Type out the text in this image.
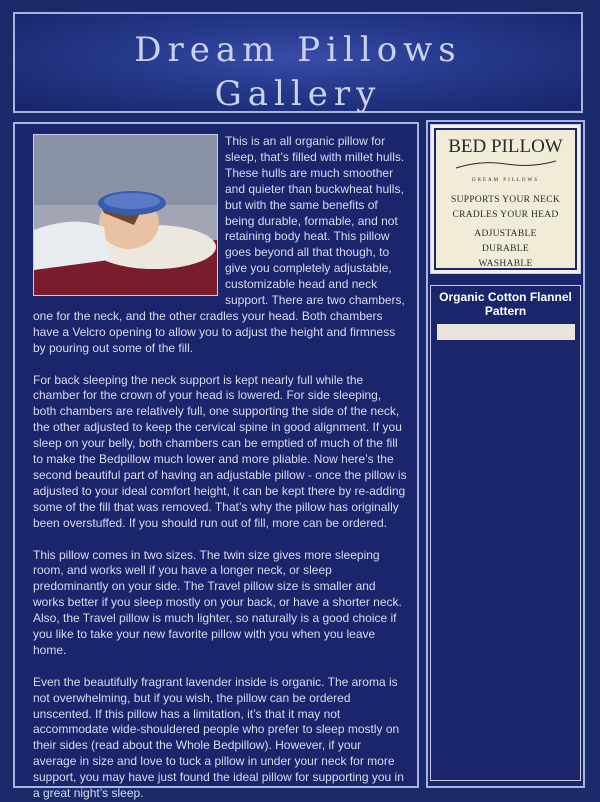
Dream Pillows
Gallery

This is an all organic pillow for sleep, that’s filled with millet hulls. These hulls are much smoother and quieter than buckwheat hulls, but with the same benefits of being durable, formable, and not retaining body heat. This pillow goes beyond all that though, to give you completely adjustable, customizable head and neck support. There are two chambers, one for the neck, and the other cradles your head. Both chambers have a Velcro opening to allow you to adjust the height and firmness by pouring out some of the fill.

For back sleeping the neck support is kept nearly full while the chamber for the crown of your head is lowered. For side sleeping, both chambers are relatively full, one supporting the side of the neck, the other adjusted to keep the cervical spine in good alignment. If you sleep on your belly, both chambers can be emptied of much of the fill to make the Bedpillow much lower and more pliable. Now here’s the second beautiful part of having an adjustable pillow - once the pillow is adjusted to your ideal comfort height, it can be kept there by re-adding some of the fill that was removed. That’s why the pillow has originally been overstuffed. If you should run out of fill, more can be ordered.

This pillow comes in two sizes. The twin size gives more sleeping room, and works well if you have a longer neck, or sleep predominantly on your side. The Travel pillow size is smaller and works better if you sleep mostly on your back, or have a shorter neck. Also, the Travel pillow is much lighter, so naturally is a good choice if you like to take your new favorite pillow with you when you leave home.

Even the beautifully fragrant lavender inside is organic. The aroma is not overwhelming, but if you wish, the pillow can be ordered unscented. If this pillow has a limitation, it’s that it may not accommodate wide-shouldered people who prefer to sleep mostly on their sides (read about the Whole Bedpillow). However, if your average in size and love to tuck a pillow in under your neck for more support, you may have just found the ideal pillow for supporting you in a great night’s sleep.

BED PILLOW
DREAM PILLOWS
SUPPORTS YOUR NECK
CRADLES YOUR HEAD
ADJUSTABLE
DURABLE
WASHABLE
Organic Cotton Flannel Pattern
